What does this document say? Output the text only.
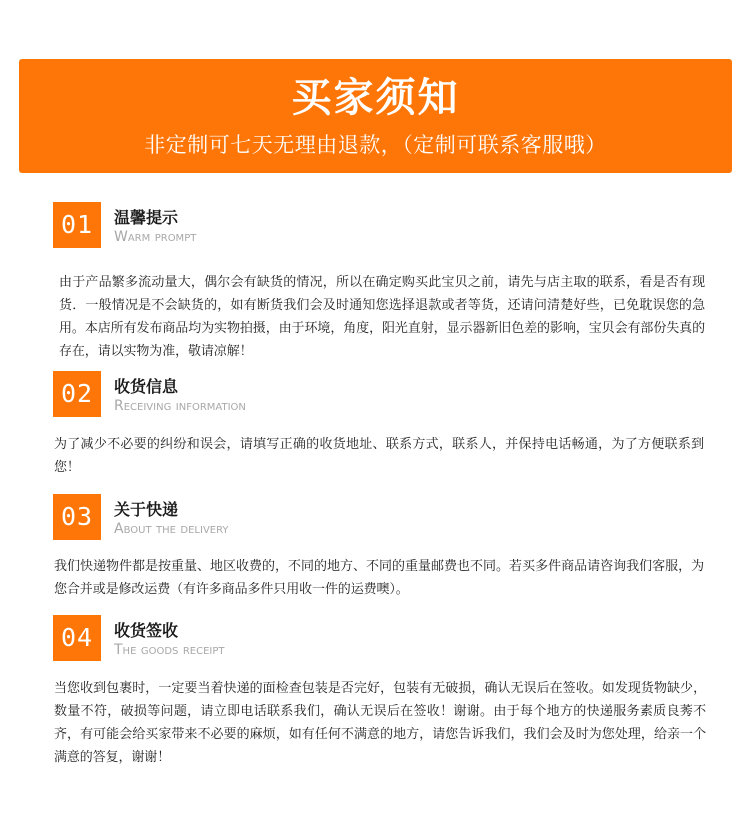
买家须知
非定制可七天无理由退款，（定制可联系客服哦）
01	温馨提示
Warm prompt
由于产品繁多流动量大，偶尔会有缺货的情况，所以在确定购买此宝贝之前，请先与店主取的联系，看是否有现货．一般情况是不会缺货的，如有断货我们会及时通知您选择退款或者等货，还请问清楚好些，已免耽误您的急用。本店所有发布商品均为实物拍摄，由于环境，角度，阳光直射，显示器新旧色差的影响，宝贝会有部份失真的存在，请以实物为准，敬请凉解！
02	收货信息
Receiving information
为了减少不必要的纠纷和误会，请填写正确的收货地址、联系方式，联系人，并保持电话畅通，为了方便联系到您！
03	关于快递
About the delivery
我们快递物件都是按重量、地区收费的，不同的地方、不同的重量邮费也不同。若买多件商品请咨询我们客服，为您合并或是修改运费（有许多商品多件只用收一件的运费噢）。
04	收货签收
The goods receipt
当您收到包裹时，一定要当着快递的面检查包装是否完好，包装有无破损，确认无误后在签收。如发现货物缺少，数量不符，破损等问题，请立即电话联系我们，确认无误后在签收！谢谢。由于每个地方的快递服务素质良莠不齐，有可能会给买家带来不必要的麻烦，如有任何不满意的地方，请您告诉我们，我们会及时为您处理，给亲一个满意的答复，谢谢！
